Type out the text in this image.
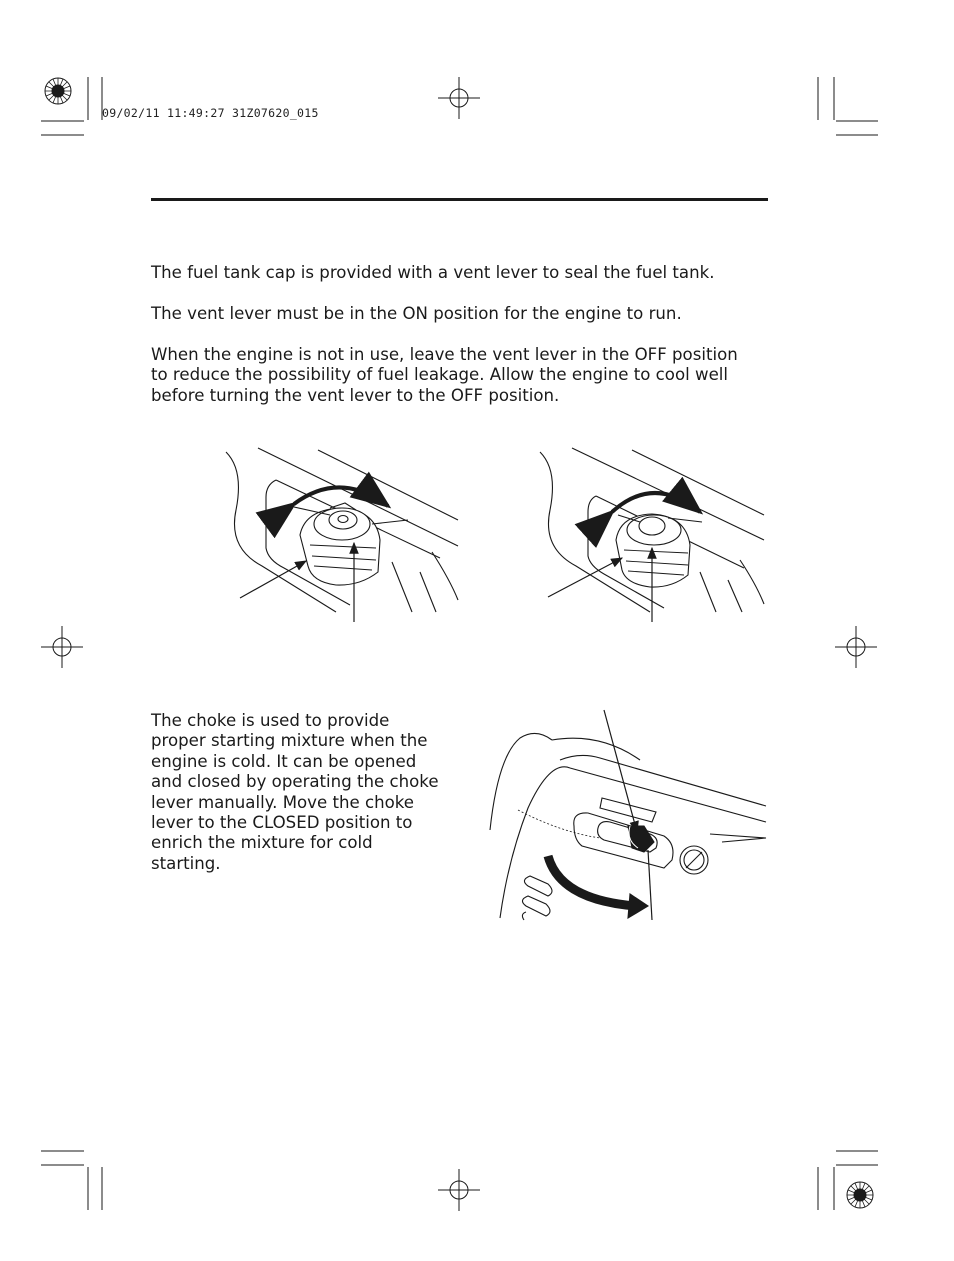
09/02/11 11:49:27 31Z07620_015
The fuel tank cap is provided with a vent lever to seal the fuel tank.
The vent lever must be in the ON position for the engine to run.
When the engine is not in use, leave the vent lever in the OFF position
to reduce the possibility of fuel leakage. Allow the engine to cool well
before turning the vent lever to the OFF position.
The choke is used to provide
proper starting mixture when the
engine is cold. It can be opened
and closed by operating the choke
lever manually. Move the choke
lever to the CLOSED position to
enrich the mixture for cold
starting.
